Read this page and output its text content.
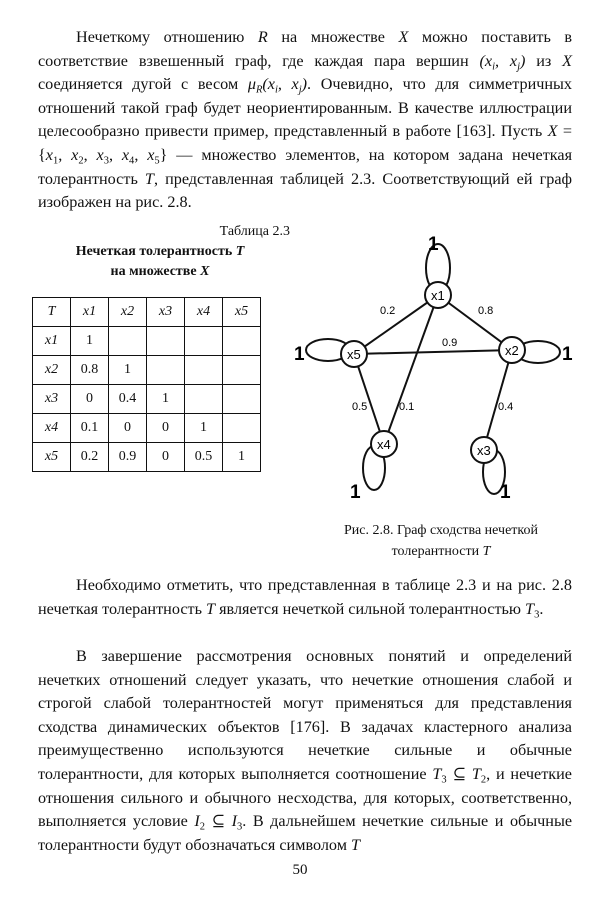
Нечеткому отношению R на множестве X можно поставить в соответствие взвешенный граф, где каждая пара вершин ($x_i$, $x_j$) из X соединяется дугой с весом $\mu_R(x_i$, $x_j$). Очевидно, что для симметричных отношений такой граф будет неориентированным. В качестве иллюстрации целесообразно привести пример, представленный в работе [163]. Пусть $X = \{x_1$, $x_2$, $x_3$, $x_4$, $x_5$} — множество элементов, на котором задана нечеткая толерантность T, представленная таблицей 2.3. Соответствующий ей граф изображен на рис. 2.8.

Таблица 2.3
Нечеткая толерантность T
на множестве X
T	x1	x2	x3	x4	x5
x1	1				
x2	0.8	1			
x3	0	0.4	1		
x4	0.1	0	0	1	
x5	0.2	0.9	0	0.5	1
x1
x5	x2
x4	x3
0.2	0.8
0.9
0.5	0.1	0.4
1
1	1
1	1
Рис. 2.8. Граф сходства нечеткой
толерантности T

Необходимо отметить, что представленная в таблице 2.3 и на рис. 2.8 нечеткая толерантность T является нечеткой сильной толерантностью $T_3$.

В завершение рассмотрения основных понятий и определений нечетких отношений следует указать, что нечеткие отношения слабой и строгой слабой толерантностей могут применяться для представления сходства динамических объектов [176]. В задачах кластерного анализа преимущественно используются нечеткие сильные и обычные толерантности, для которых выполняется соотношение $T_3$ ⊆ $T_2$, и нечеткие отношения сильного и обычного несходства, для которых, соответственно, выполняется условие $I_2$ ⊆ $I_3$. В дальнейшем нечеткие сильные и обычные толерантности будут обозначаться символом T

50
